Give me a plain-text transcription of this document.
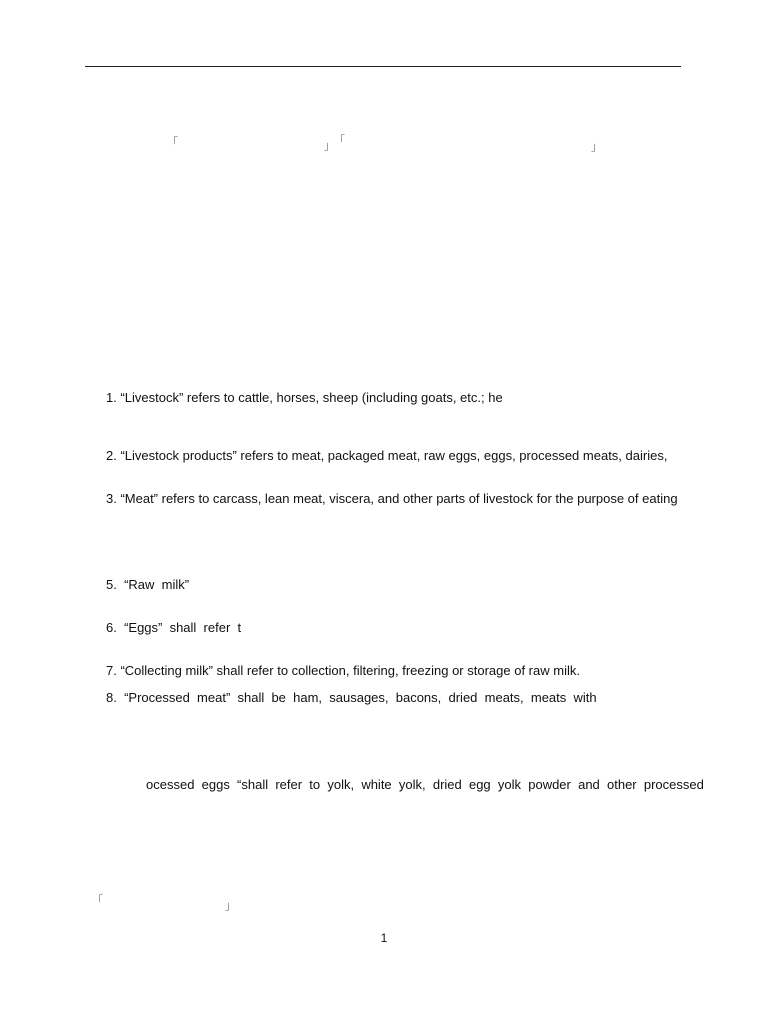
「	」 「	」
1. “Livestock” refers to cattle, horses, sheep (including goats, etc.; he
2. “Livestock products” refers to meat, packaged meat, raw eggs, eggs, processed meats, dairies,
3. “Meat” refers to carcass, lean meat, viscera, and other parts of livestock for the purpose of eating
5.  “Raw  milk”
6.  “Eggs”  shall  refer  t
7. “Collecting milk” shall refer to collection, filtering, freezing or storage of raw milk.
8.  “Processed  meat”  shall  be  ham,  sausages,  bacons,  dried  meats,  meats  with
ocessed  eggs  “shall  refer  to  yolk,  white  yolk,  dried  egg  yolk  powder  and  other  processed
「	」
1
